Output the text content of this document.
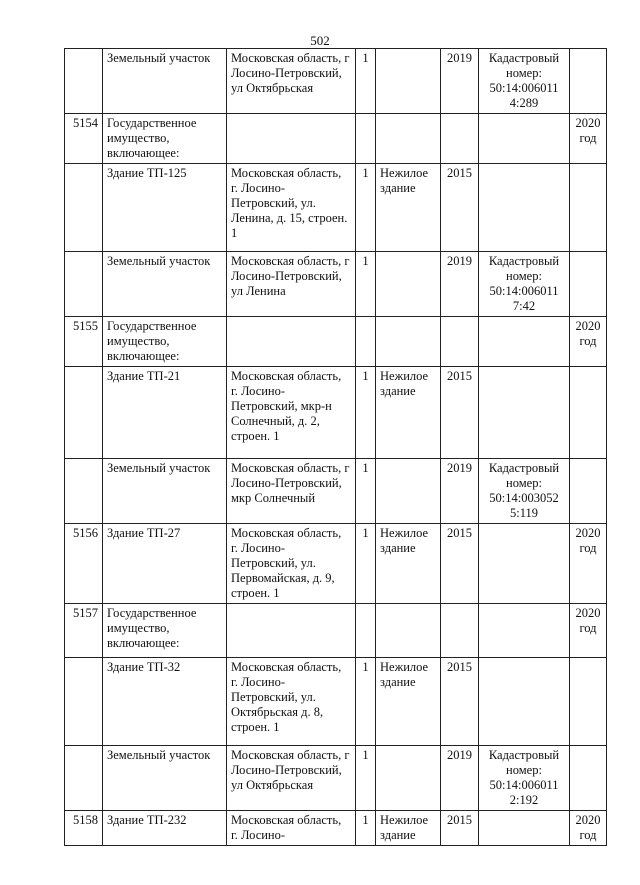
502
	Земельный участок	Московская область, г Лосино-Петровский, ул Октябрьская	1		2019	Кадастровый номер: 50:14:006011 4:289	
5154	Государственное имущество, включающее:						2020 год
	Здание ТП-125	Московская область, г. Лосино-Петровский, ул. Ленина, д. 15, строен. 1	1	Нежилое здание	2015		
	Земельный участок	Московская область, г Лосино-Петровский, ул Ленина	1		2019	Кадастровый номер: 50:14:006011 7:42	
5155	Государственное имущество, включающее:						2020 год
	Здание ТП-21	Московская область, г. Лосино-Петровский, мкр-н Солнечный, д. 2, строен. 1	1	Нежилое здание	2015		
	Земельный участок	Московская область, г Лосино-Петровский, мкр Солнечный	1		2019	Кадастровый номер: 50:14:003052 5:119	
5156	Здание ТП-27	Московская область, г. Лосино-Петровский, ул. Первомайская, д. 9, строен. 1	1	Нежилое здание	2015		2020 год
5157	Государственное имущество, включающее:						2020 год
	Здание ТП-32	Московская область, г. Лосино-Петровский, ул. Октябрьская д. 8, строен. 1	1	Нежилое здание	2015		
	Земельный участок	Московская область, г Лосино-Петровский, ул Октябрьская	1		2019	Кадастровый номер: 50:14:006011 2:192	
5158	Здание ТП-232	Московская область, г. Лосино-	1	Нежилое здание	2015		2020 год
